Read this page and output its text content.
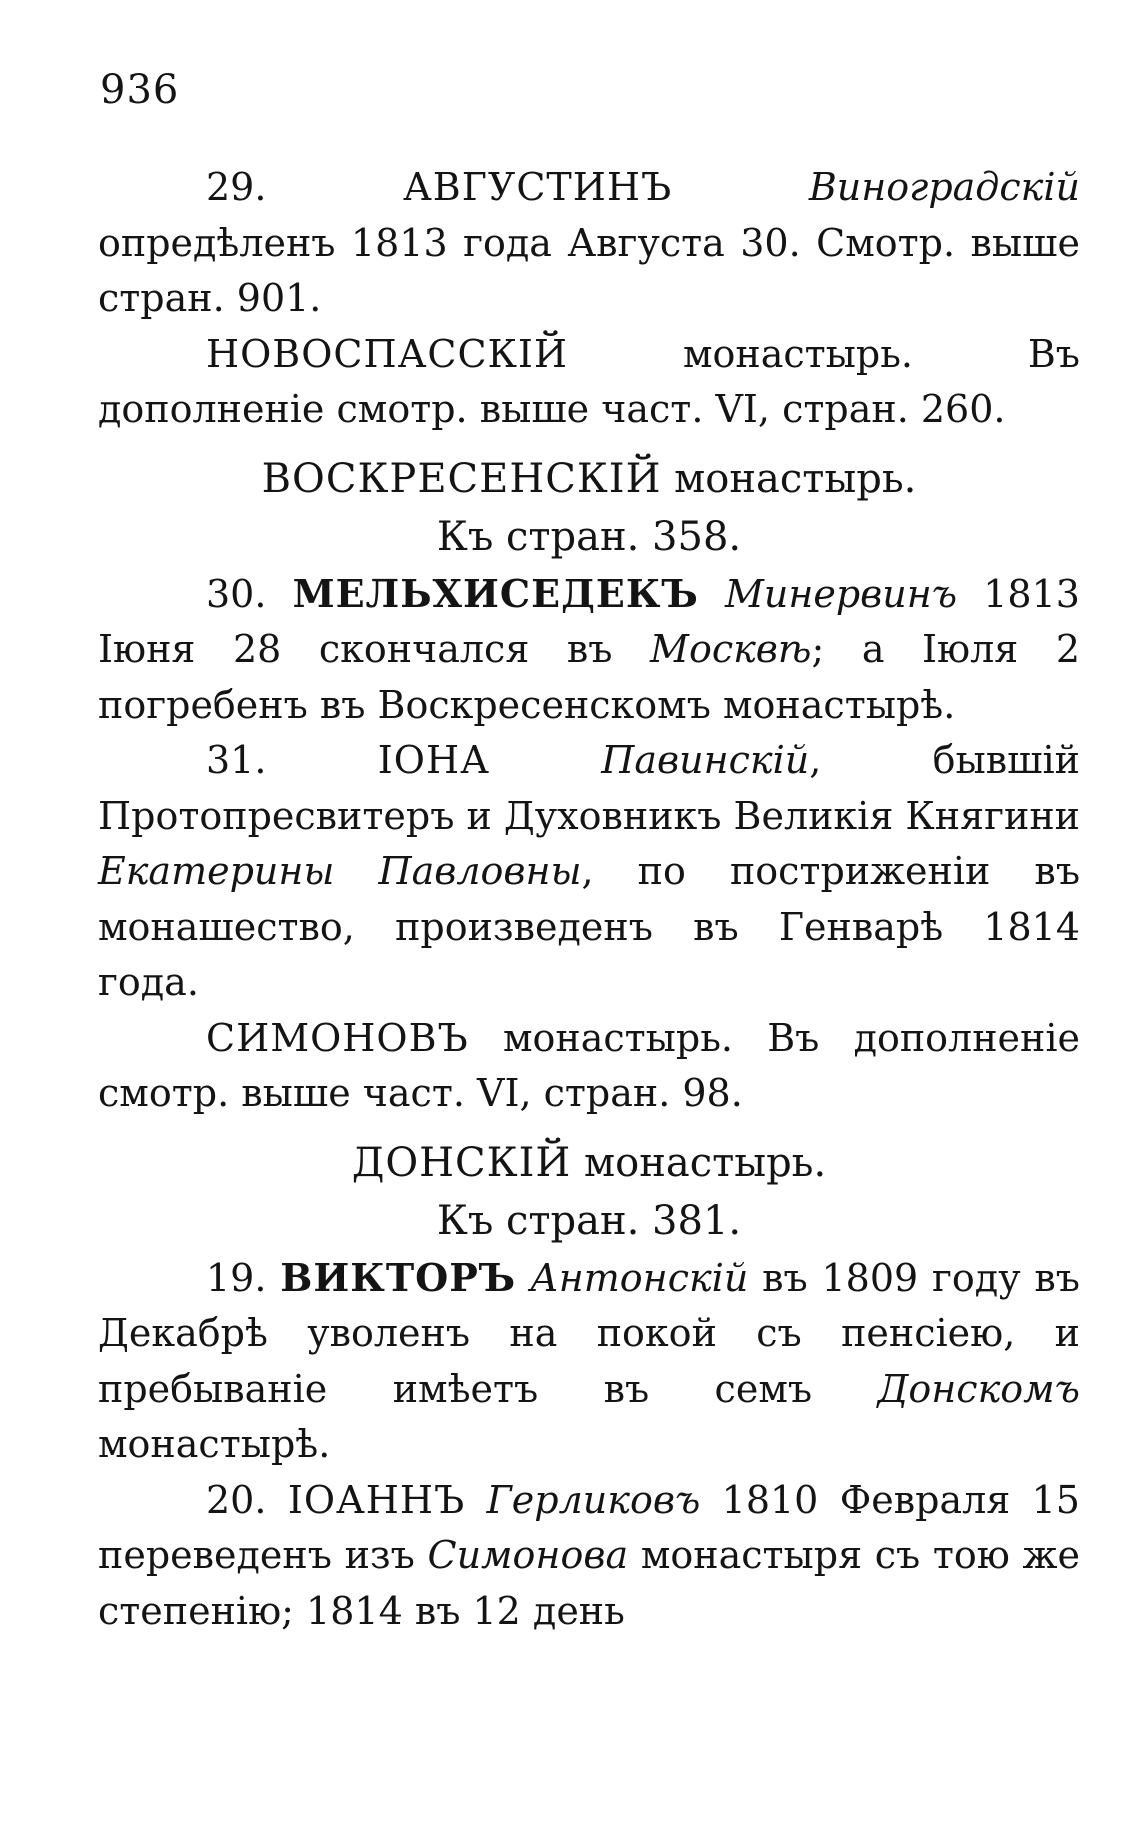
936

29.	АВГУСТИНЪ	Виноградскій опредѣленъ 1813 года Августа 30. Смотр. выше стран. 901.

НОВОСПАССКІЙ	монастырь. Въ дополненіе смотр. выше част. VI, стран. 260.

ВОСКРЕСЕНСКІЙ монастырь.

Къ стран. 358.

30. МЕЛЬХИСЕДЕКЪ Минервинъ 1813 Іюня 28 скончался въ Москвѣ; а Іюля 2 погребенъ въ Воскресенскомъ монастырѣ.

31.	ІОНА	Павинскій, бывшій Протопресвитеръ и Духовникъ Великія Княгини Екатерины Павловны, по постриженіи въ монашество, произведенъ въ Генварѣ 1814 года.

СИМОНОВЪ монастырь. Въ дополненіе смотр. выше част. VI, стран. 98.

ДОНСКІЙ монастырь.

Къ стран. 381.

19. ВИКТОРЪ Антонскій въ 1809 году въ Декабрѣ уволенъ на покой съ пенсіею, и пребываніе имѣетъ въ семъ Донскомъ монастырѣ.

20. ІОАННЪ Герликовъ 1810 Февраля 15 переведенъ изъ Симонова монастыря съ тою же степенію; 1814 въ 12 день
